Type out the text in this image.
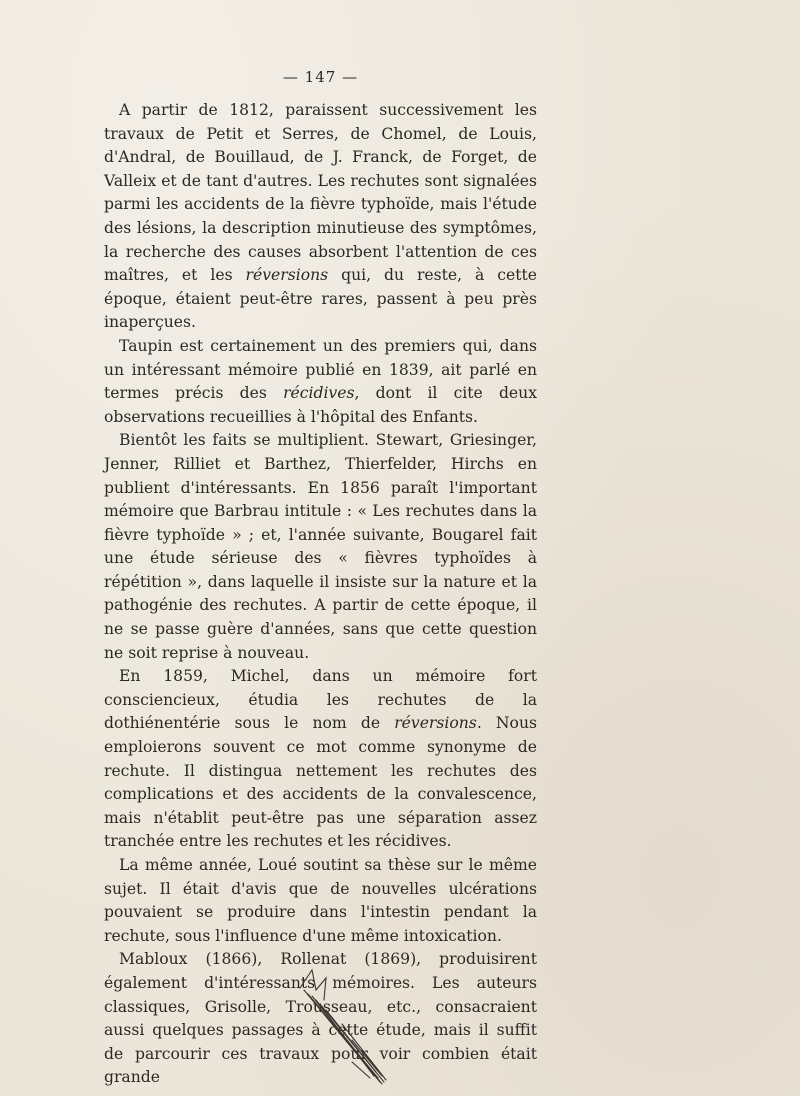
— 147 —

A partir de 1812, paraissent successivement les travaux de Petit et Serres, de Chomel, de Louis, d'Andral, de Bouillaud, de J. Franck, de Forget, de Valleix et de tant d'autres. Les rechutes sont signalées parmi les accidents de la fièvre typhoïde, mais l'étude des lésions, la description minutieuse des symptômes, la recherche des causes absorbent l'attention de ces maîtres, et les réversions qui, du reste, à cette époque, étaient peut-être rares, passent à peu près inaperçues.

Taupin est certainement un des premiers qui, dans un intéressant mémoire publié en 1839, ait parlé en termes précis des récidives, dont il cite deux observations recueillies à l'hôpital des Enfants.

Bientôt les faits se multiplient. Stewart, Griesinger, Jenner, Rilliet et Barthez, Thierfelder, Hirchs en publient d'intéressants. En 1856 paraît l'important mémoire que Barbrau intitule : « Les rechutes dans la fièvre typhoïde » ; et, l'année suivante, Bougarel fait une étude sérieuse des « fièvres typhoïdes à répétition », dans laquelle il insiste sur la nature et la pathogénie des rechutes. A partir de cette époque, il ne se passe guère d'années, sans que cette question ne soit reprise à nouveau.

En 1859, Michel, dans un mémoire fort consciencieux, étudia les rechutes de la dothiénentérie sous le nom de réversions. Nous emploierons souvent ce mot comme synonyme de rechute. Il distingua nettement les rechutes des complications et des accidents de la convalescence, mais n'établit peut-être pas une séparation assez tranchée entre les rechutes et les récidives.

La même année, Loué soutint sa thèse sur le même sujet. Il était d'avis que de nouvelles ulcérations pouvaient se produire dans l'intestin pendant la rechute, sous l'influence d'une même intoxication.

Mabloux (1866), Rollenat (1869), produisirent également d'intéressants mémoires. Les auteurs classiques, Grisolle, Trousseau, etc., consacraient aussi quelques passages à cette étude, mais il suffit de parcourir ces travaux pour voir combien était grande
